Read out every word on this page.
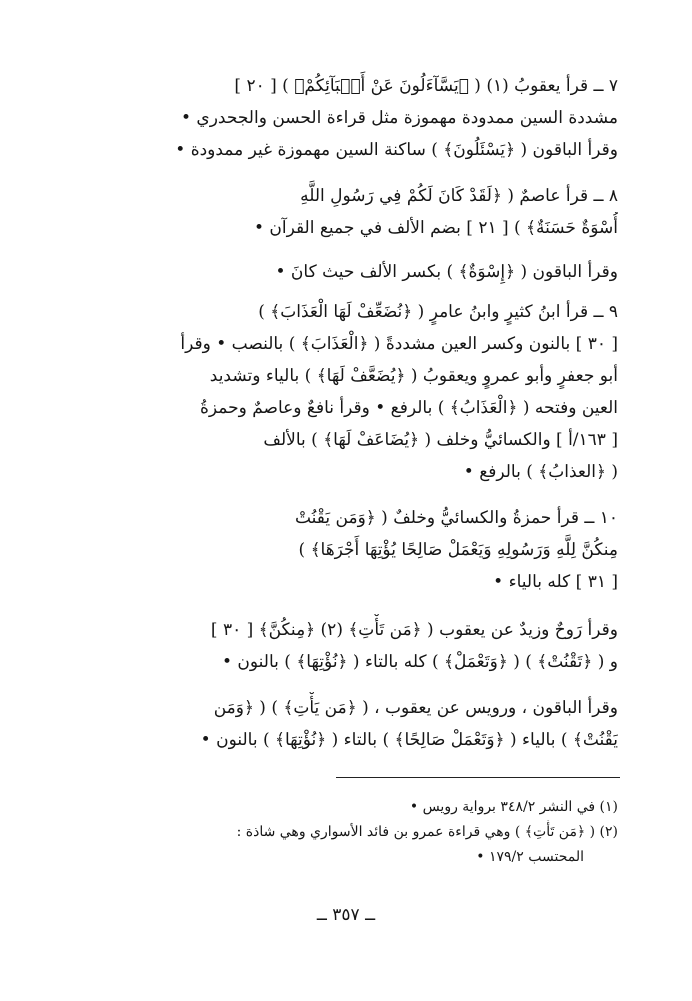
٧ ــ قرأ يعقوبُ (١) ( ﴿يَسَّآءَلُونَ عَنْ أَنۢبَآئِكُمْ﴾ ) [ ٢٠ ]
مشددة السين ممدودة مهموزة مثل قراءة الحسن والجحدري •
وقرأ الباقون ( ﴿يَسْئَلُونَ﴾ ) ساكنة السين مهموزة غير ممدودة •
٨ ــ قرأ عاصمٌ ( ﴿لَقَدْ كَانَ لَكُمْ فِي رَسُولِ اللَّهِ
أُسْوَةٌ حَسَنَةٌ﴾ ) [ ٢١ ] بضم الألف في جميع القرآن •
وقرأ الباقون ( ﴿إِسْوَةٌ﴾ ) بكسر الألف حيث كانَ •
٩ ــ قرأ ابنُ كثيرٍ وابنُ عامرٍ ( ﴿نُضَعِّفْ لَهَا الْعَذَابَ﴾ )
[ ٣٠ ] بالنون وكسر العين مشددةً ( ﴿الْعَذَابَ﴾ ) بالنصب • وقرأ
أبو جعفرٍ وأبو عمروٍ ويعقوبُ ( ﴿يُضَعَّفْ لَهَا﴾ ) بالياء وتشديد
العين وفتحه ( ﴿الْعَذَابُ﴾ ) بالرفع • وقرأ نافعٌ وعاصمٌ وحمزةُ
[ ١٦٣/أ ] والكسائيُّ وخلف ( ﴿يُضَاعَفْ لَهَا﴾ ) بالألف
( ﴿العذابُ﴾ ) بالرفع •
١٠ ــ قرأ حمزةُ والكسائيُّ وخلفٌ ( ﴿وَمَن يَقْنُتْ
مِنكُنَّ لِلَّهِ وَرَسُولِهِ وَيَعْمَلْ صَالِحًا يُؤْتِهَا أَجْرَهَا﴾ )
[ ٣١ ] كله بالياء •
وقرأ رَوحٌ وزيدٌ عن يعقوب ( ﴿مَن تَأْتِ﴾ (٢) ﴿مِنكُنَّ﴾ [ ٣٠ ]
و ( ﴿تَقْنُتْ﴾ ) ( ﴿وَتَعْمَلْ﴾ ) كله بالتاء ( ﴿نُؤْتِهَا﴾ ) بالنون •
وقرأ الباقون ، ورويس عن يعقوب ، ( ﴿مَن يَأْتِ﴾ ) ( ﴿وَمَن
يَقْنُتْ﴾ ) بالياء ( ﴿وَتَعْمَلْ صَالِحًا﴾ ) بالتاء ( ﴿نُؤْتِهَا﴾ ) بالنون •
(١) في النشر ٣٤٨/٢ برواية رويس •
(٢) ( ﴿مَن تَأْتِ﴾ ) وهي قراءة عمرو بن فائد الأسواري وهي شاذة :
المحتسب ١٧٩/٢ •
ــ ٣٥٧ ــ
